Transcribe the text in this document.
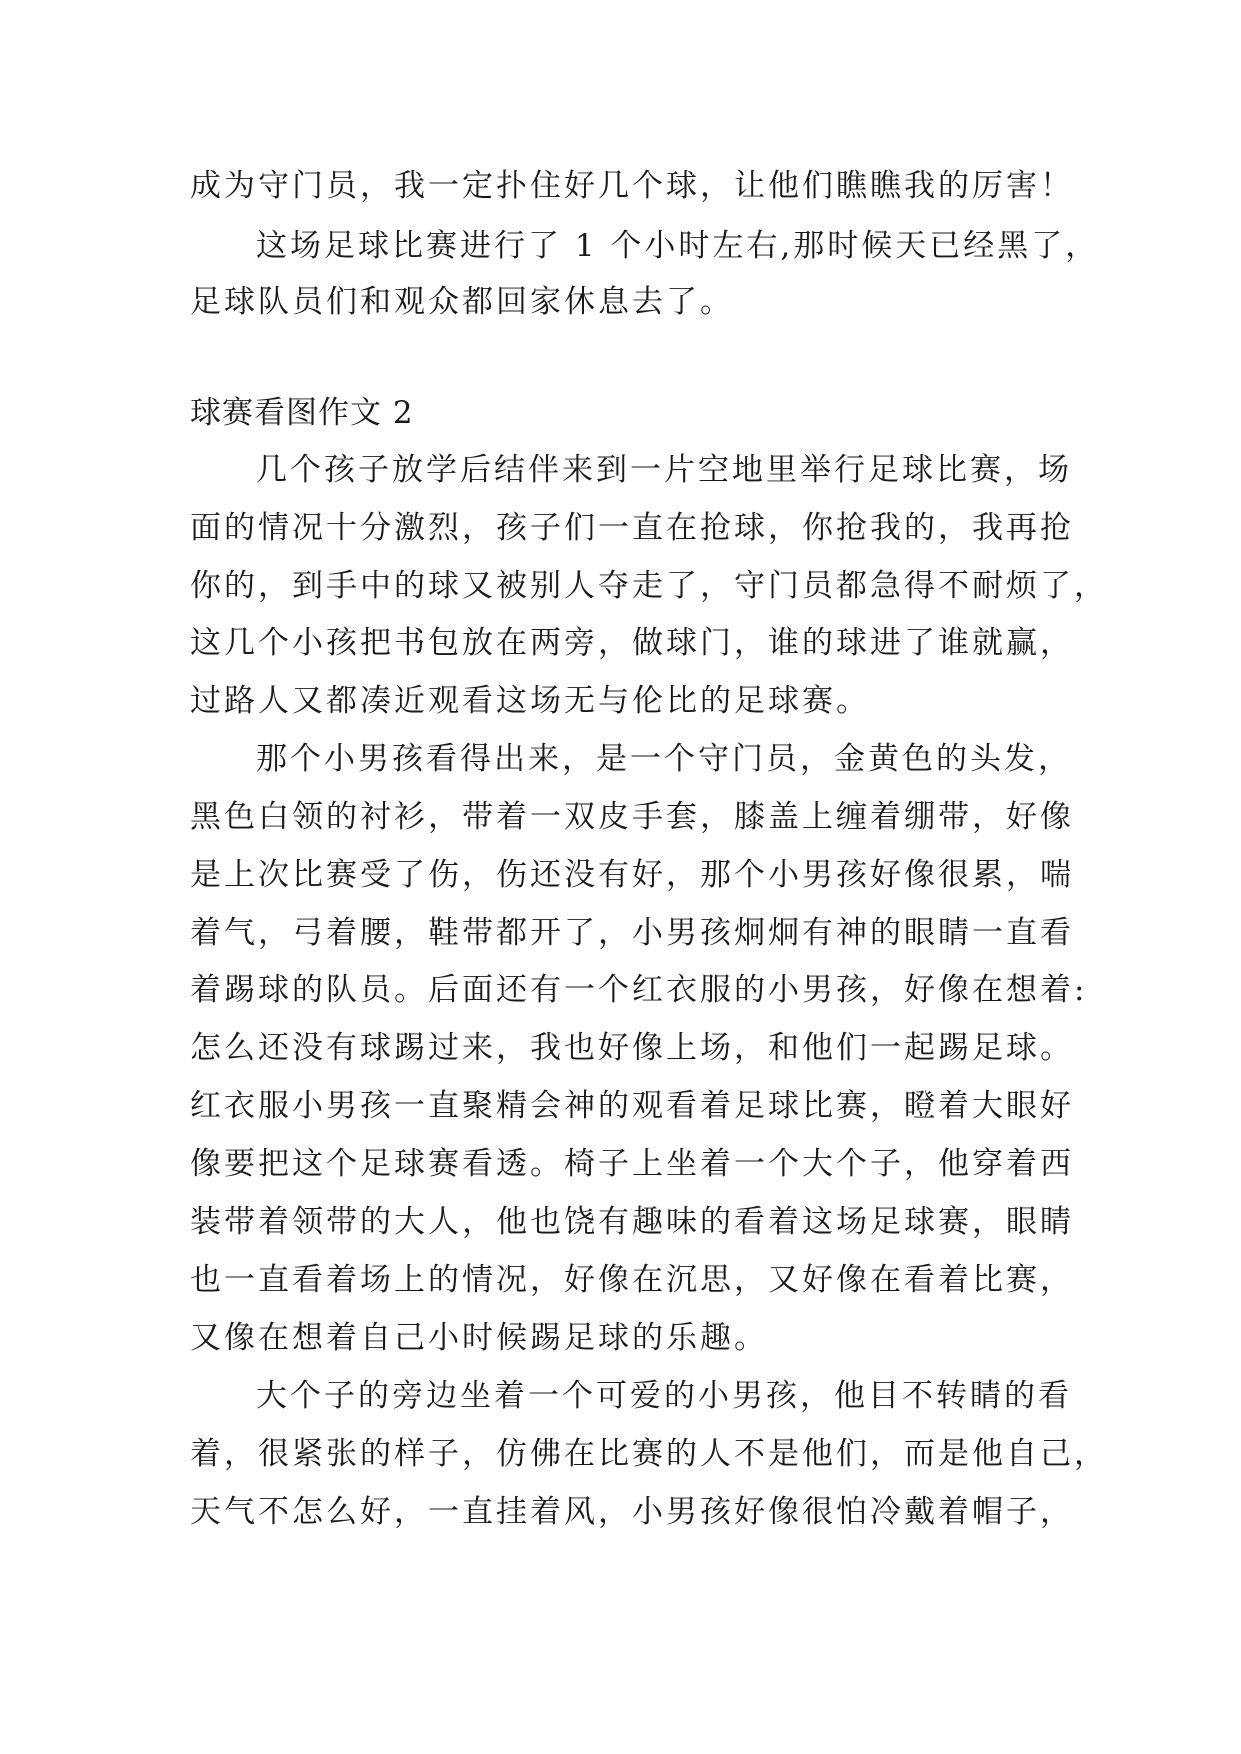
成为守门员，我一定扑住好几个球，让他们瞧瞧我的厉害！
这场足球比赛进行了 1 个小时左右,那时候天已经黑了，
足球队员们和观众都回家休息去了。
球赛看图作文 2
几个孩子放学后结伴来到一片空地里举行足球比赛，场
面的情况十分激烈，孩子们一直在抢球，你抢我的，我再抢
你的，到手中的球又被别人夺走了，守门员都急得不耐烦了，
这几个小孩把书包放在两旁，做球门，谁的球进了谁就赢，
过路人又都凑近观看这场无与伦比的足球赛。
那个小男孩看得出来，是一个守门员，金黄色的头发，
黑色白领的衬衫，带着一双皮手套，膝盖上缠着绷带，好像
是上次比赛受了伤，伤还没有好，那个小男孩好像很累，喘
着气，弓着腰，鞋带都开了，小男孩炯炯有神的眼睛一直看
着踢球的队员。后面还有一个红衣服的小男孩，好像在想着:
怎么还没有球踢过来，我也好像上场，和他们一起踢足球。
红衣服小男孩一直聚精会神的观看着足球比赛，瞪着大眼好
像要把这个足球赛看透。椅子上坐着一个大个子，他穿着西
装带着领带的大人，他也饶有趣味的看着这场足球赛，眼睛
也一直看着场上的情况，好像在沉思，又好像在看着比赛，
又像在想着自己小时候踢足球的乐趣。
大个子的旁边坐着一个可爱的小男孩，他目不转睛的看
着，很紧张的样子，仿佛在比赛的人不是他们，而是他自己，
天气不怎么好，一直挂着风，小男孩好像很怕冷戴着帽子，
